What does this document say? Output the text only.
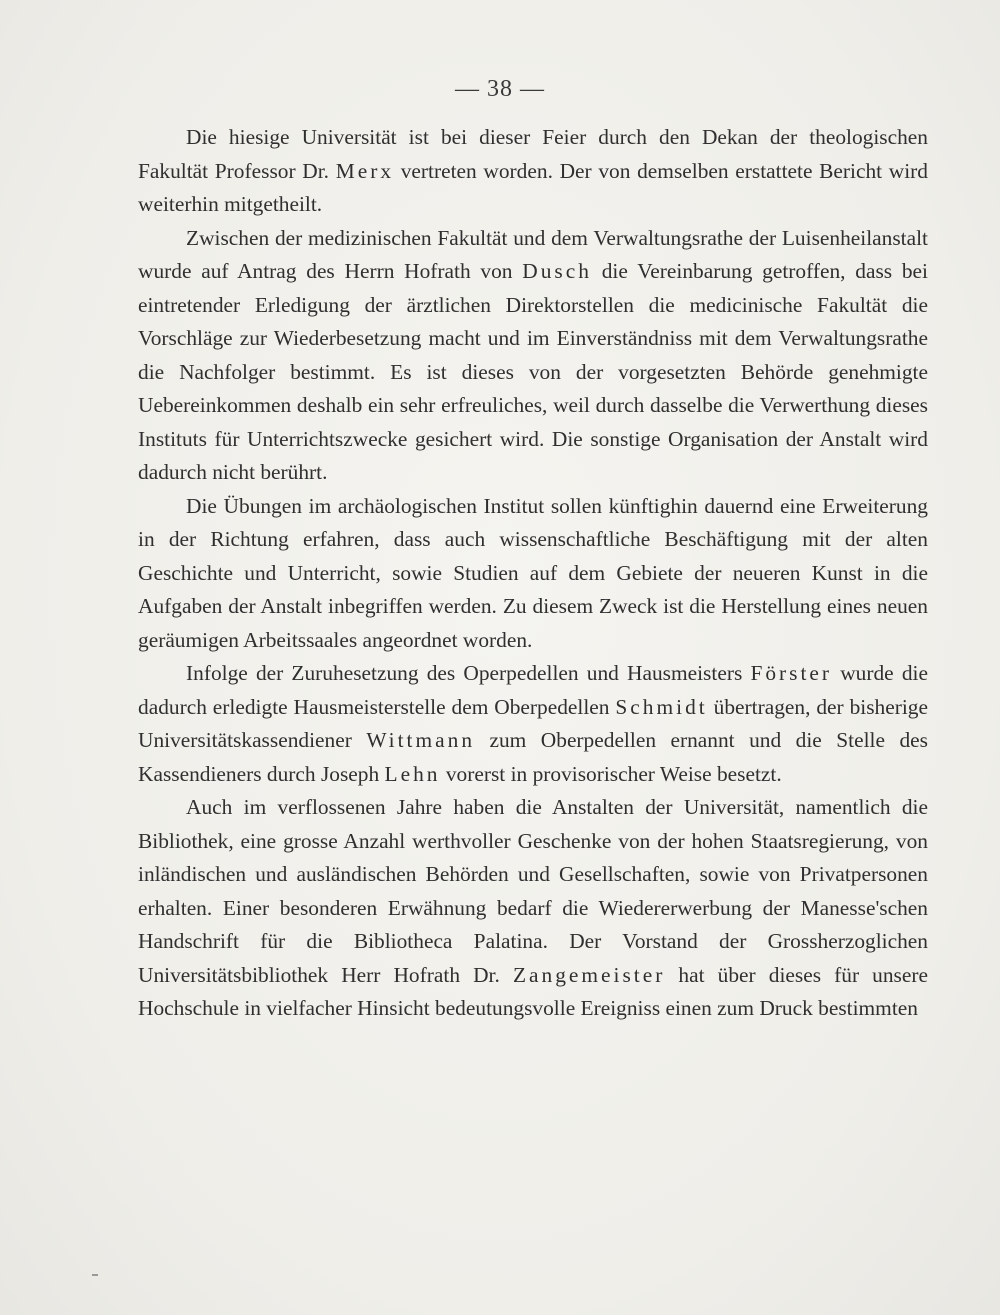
— 38 —

Die hiesige Universität ist bei dieser Feier durch den Dekan der theologischen Fakultät Professor Dr. Merx vertreten worden. Der von demselben erstattete Bericht wird weiterhin mitgetheilt.

Zwischen der medizinischen Fakultät und dem Verwaltungsrathe der Luisenheilanstalt wurde auf Antrag des Herrn Hofrath von Dusch die Vereinbarung getroffen, dass bei eintretender Erledigung der ärztlichen Direktorstellen die medicinische Fakultät die Vorschläge zur Wiederbesetzung macht und im Einverständniss mit dem Verwaltungsrathe die Nachfolger bestimmt. Es ist dieses von der vorgesetzten Behörde genehmigte Uebereinkommen deshalb ein sehr erfreuliches, weil durch dasselbe die Verwerthung dieses Instituts für Unterrichtszwecke gesichert wird. Die sonstige Organisation der Anstalt wird dadurch nicht berührt.

Die Übungen im archäologischen Institut sollen künftighin dauernd eine Erweiterung in der Richtung erfahren, dass auch wissenschaftliche Beschäftigung mit der alten Geschichte und Unterricht, sowie Studien auf dem Gebiete der neueren Kunst in die Aufgaben der Anstalt inbegriffen werden. Zu diesem Zweck ist die Herstellung eines neuen geräumigen Arbeitssaales angeordnet worden.

Infolge der Zuruhesetzung des Operpedellen und Hausmeisters Förster wurde die dadurch erledigte Hausmeisterstelle dem Oberpedellen Schmidt übertragen, der bisherige Universitätskassendiener Wittmann zum Oberpedellen ernannt und die Stelle des Kassendieners durch Joseph Lehn vorerst in provisorischer Weise besetzt.

Auch im verflossenen Jahre haben die Anstalten der Universität, namentlich die Bibliothek, eine grosse Anzahl werthvoller Geschenke von der hohen Staatsregierung, von inländischen und ausländischen Behörden und Gesellschaften, sowie von Privatpersonen erhalten. Einer besonderen Erwähnung bedarf die Wiedererwerbung der Manesse'schen Handschrift für die Bibliotheca Palatina. Der Vorstand der Grossherzoglichen Universitätsbibliothek Herr Hofrath Dr. Zangemeister hat über dieses für unsere Hochschule in vielfacher Hinsicht bedeutungsvolle Ereigniss einen zum Druck bestimmten
